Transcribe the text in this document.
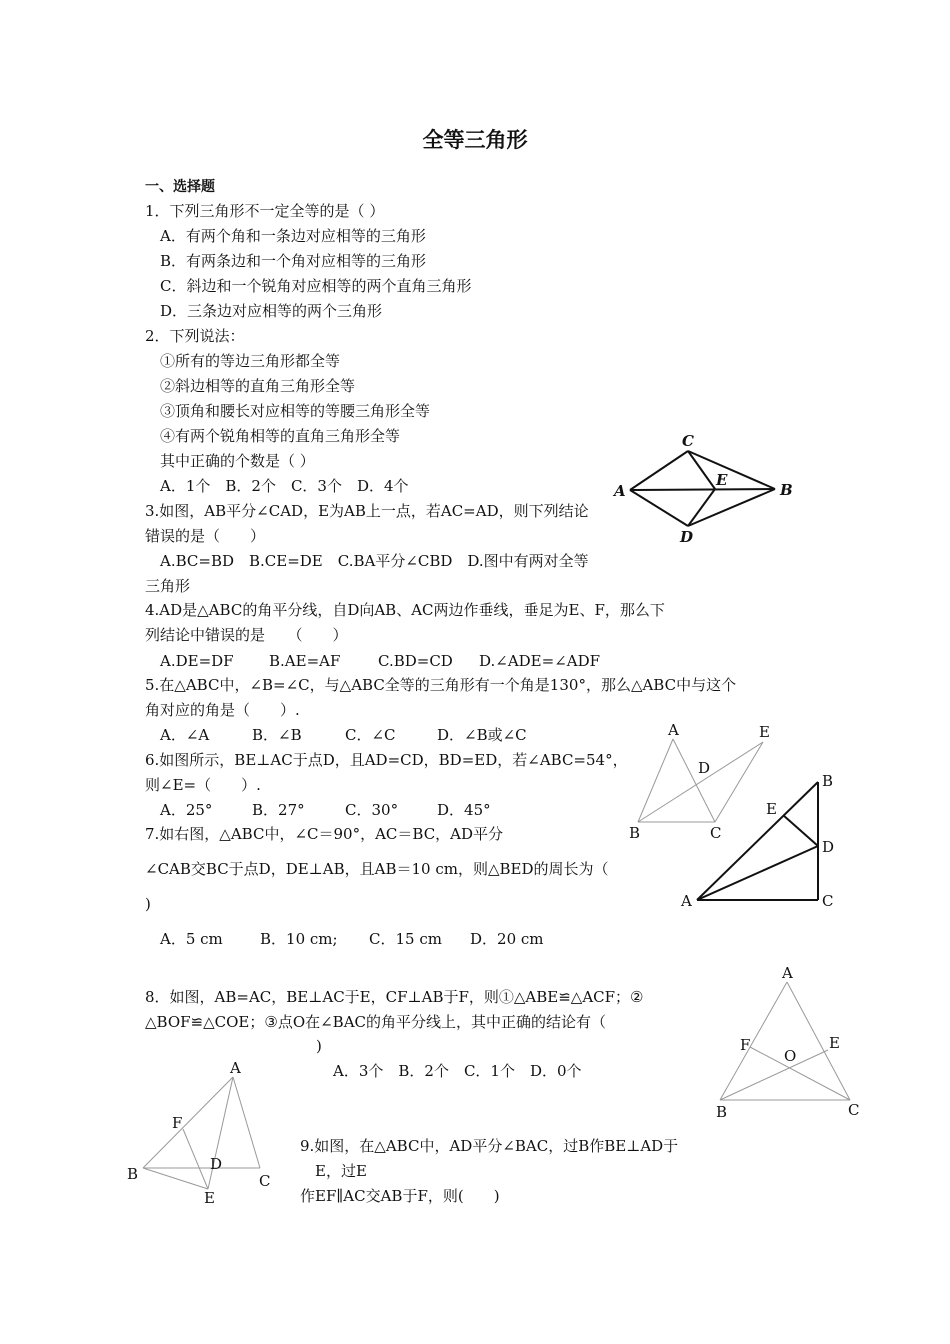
全等三角形
一、选择题
1．下列三角形不一定全等的是（ ）
A．有两个角和一条边对应相等的三角形
B．有两条边和一个角对应相等的三角形
C．斜边和一个锐角对应相等的两个直角三角形
D．三条边对应相等的两个三角形
2．下列说法：
①所有的等边三角形都全等
②斜边相等的直角三角形全等
③顶角和腰长对应相等的等腰三角形全等
④有两个锐角相等的直角三角形全等
其中正确的个数是（ ）
A．1个　B．2个　C．3个　D．4个
C
A	B
E
D
3.如图，AB平分∠CAD，E为AB上一点，若AC=AD，则下列结论
错误的是（　　）
A.BC=BD　B.CE=DE　C.BA平分∠CBD　D.图中有两对全等
三角形
4.AD是△ABC的角平分线，自D向AB、AC两边作垂线，垂足为E、F，那么下
列结论中错误的是　　（　　）
A.DE=DF B.AE=AF	C.BD=CD D.∠ADE=∠ADF
5.在△ABC中，∠B=∠C，与△ABC全等的三角形有一个角是130°，那么△ABC中与这个
角对应的角是（　　）.
A．∠A	B．∠B	C．∠C	D．∠B或∠C	A	E
D
B	C
6.如图所示，BE⊥AC于点D，且AD=CD，BD=ED，若∠ABC=54°，
则∠E=（　　）.
A．25°	B．27°	C．30°	D．45°
B
E
D
A	C
7.如右图，△ABC中，∠C＝90°，AC＝BC，AD平分
∠CAB交BC于点D，DE⊥AB，且AB＝10 cm，则△BED的周长为（
)
A．5 cm B．10 cm; C．15 cm D．20 cm
A
F	E
O
B	C
8．如图，AB=AC，BE⊥AC于E，CF⊥AB于F，则①△ABE≌△ACF；②
△BOF≌△COE；③点O在∠BAC的角平分线上，其中正确的结论有（
)
A．3个　B．2个　C．1个　D．0个
A
F
D
B	C
E
9.如图，在△ABC中，AD平分∠BAC，过B作BE⊥AD于
E，过E
作EF∥AC交AB于F，则(　　)
